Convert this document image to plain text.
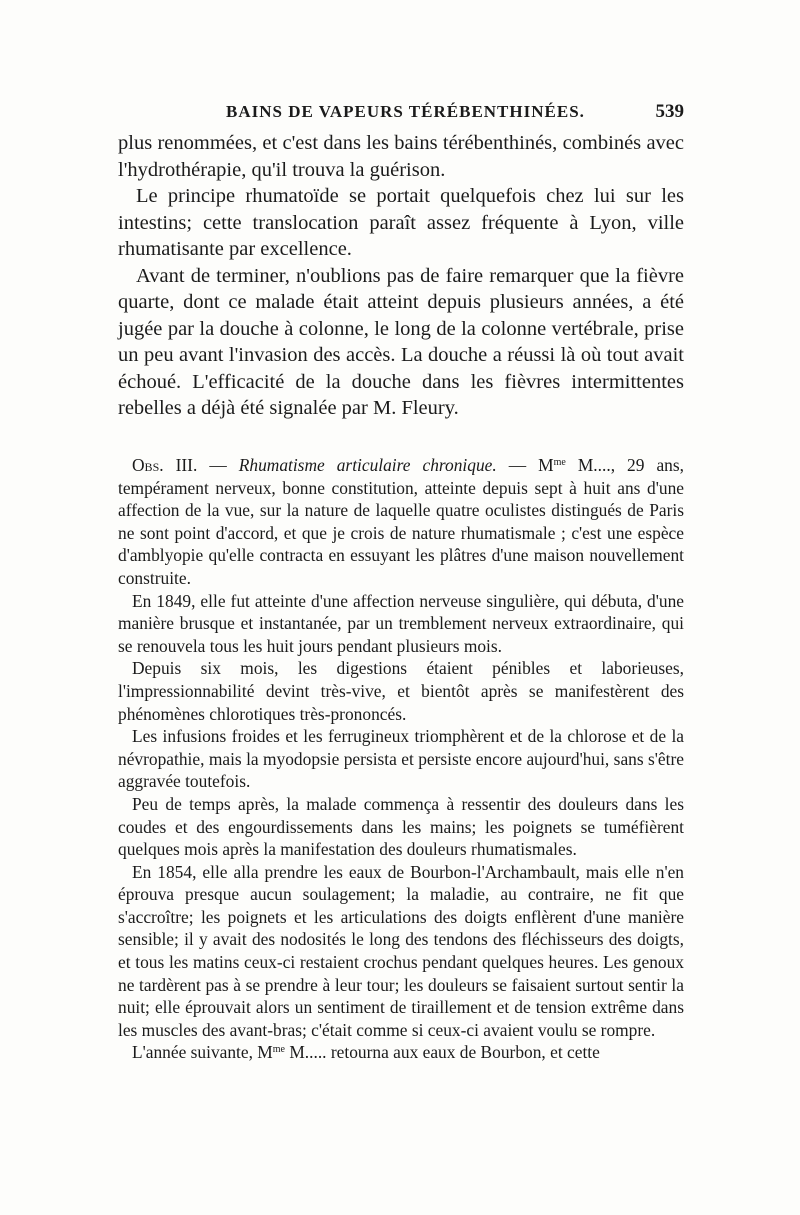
BAINS DE VAPEURS TÉRÉBENTHINÉES.	539

plus renommées, et c'est dans les bains térébenthinés, combinés avec l'hydrothérapie, qu'il trouva la guérison.

Le principe rhumatoïde se portait quelquefois chez lui sur les intestins; cette translocation paraît assez fréquente à Lyon, ville rhumatisante par excellence.

Avant de terminer, n'oublions pas de faire remarquer que la fièvre quarte, dont ce malade était atteint depuis plusieurs années, a été jugée par la douche à colonne, le long de la colonne vertébrale, prise un peu avant l'invasion des accès. La douche a réussi là où tout avait échoué. L'efficacité de la douche dans les fièvres intermittentes rebelles a déjà été signalée par M. Fleury.

Obs. III. — Rhumatisme articulaire chronique. — $M^{me}$ M...., 29 ans, tempérament nerveux, bonne constitution, atteinte depuis sept à huit ans d'une affection de la vue, sur la nature de laquelle quatre oculistes distingués de Paris ne sont point d'accord, et que je crois de nature rhumatismale ; c'est une espèce d'amblyopie qu'elle contracta en essuyant les plâtres d'une maison nouvellement construite.

En 1849, elle fut atteinte d'une affection nerveuse singulière, qui débuta, d'une manière brusque et instantanée, par un tremblement nerveux extraordinaire, qui se renouvela tous les huit jours pendant plusieurs mois.

Depuis six mois, les digestions étaient pénibles et laborieuses, l'impressionnabilité devint très-vive, et bientôt après se manifestèrent des phénomènes chlorotiques très-prononcés.

Les infusions froides et les ferrugineux triomphèrent et de la chlorose et de la névropathie, mais la myodopsie persista et persiste encore aujourd'hui, sans s'être aggravée toutefois.

Peu de temps après, la malade commença à ressentir des douleurs dans les coudes et des engourdissements dans les mains; les poignets se tuméfièrent quelques mois après la manifestation des douleurs rhumatismales.

En 1854, elle alla prendre les eaux de Bourbon-l'Archambault, mais elle n'en éprouva presque aucun soulagement; la maladie, au contraire, ne fit que s'accroître; les poignets et les articulations des doigts enflèrent d'une manière sensible; il y avait des nodosités le long des tendons des fléchisseurs des doigts, et tous les matins ceux-ci restaient crochus pendant quelques heures. Les genoux ne tardèrent pas à se prendre à leur tour; les douleurs se faisaient surtout sentir la nuit; elle éprouvait alors un sentiment de tiraillement et de tension extrême dans les muscles des avant-bras; c'était comme si ceux-ci avaient voulu se rompre.

L'année suivante, $M^{me}$ M..... retourna aux eaux de Bourbon, et cette
